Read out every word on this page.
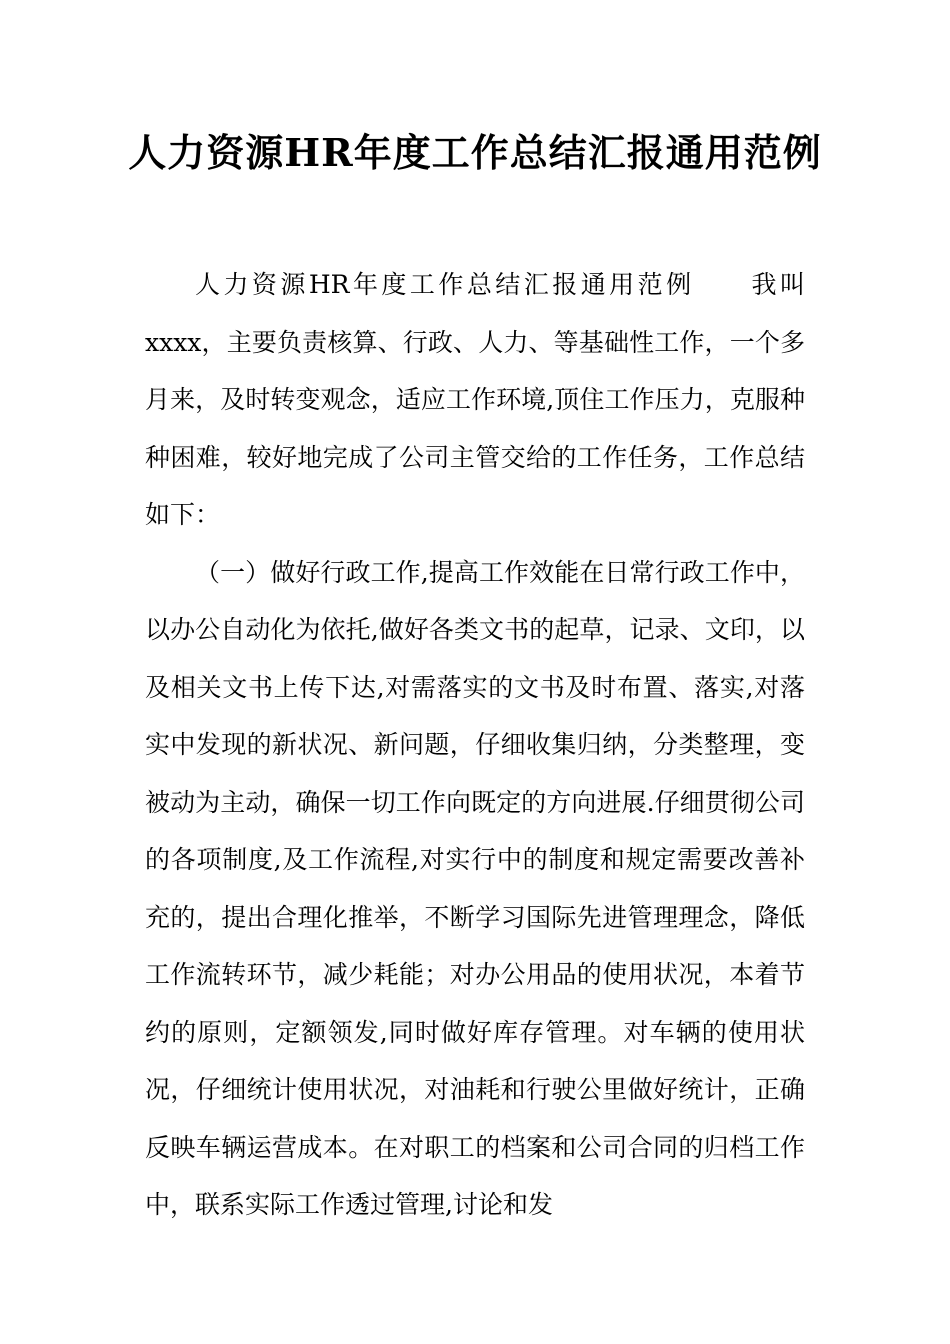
人力资源HR年度工作总结汇报通用范例

人力资源HR年度工作总结汇报通用范例　　我叫xxxx，主要负责核算、行政、人力、等基础性工作，一个多月来，及时转变观念，适应工作环境,顶住工作压力，克服种种困难，较好地完成了公司主管交给的工作任务，工作总结如下：

（一）做好行政工作,提高工作效能在日常行政工作中，以办公自动化为依托,做好各类文书的起草，记录、文印，以及相关文书上传下达,对需落实的文书及时布置、落实,对落实中发现的新状况、新问题，仔细收集归纳，分类整理，变被动为主动，确保一切工作向既定的方向进展.仔细贯彻公司的各项制度,及工作流程,对实行中的制度和规定需要改善补充的，提出合理化推举，不断学习国际先进管理理念，降低工作流转环节，减少耗能；对办公用品的使用状况，本着节约的原则，定额领发,同时做好库存管理。对车辆的使用状况，仔细统计使用状况，对油耗和行驶公里做好统计，正确反映车辆运营成本。在对职工的档案和公司合同的归档工作中，联系实际工作透过管理,讨论和发
